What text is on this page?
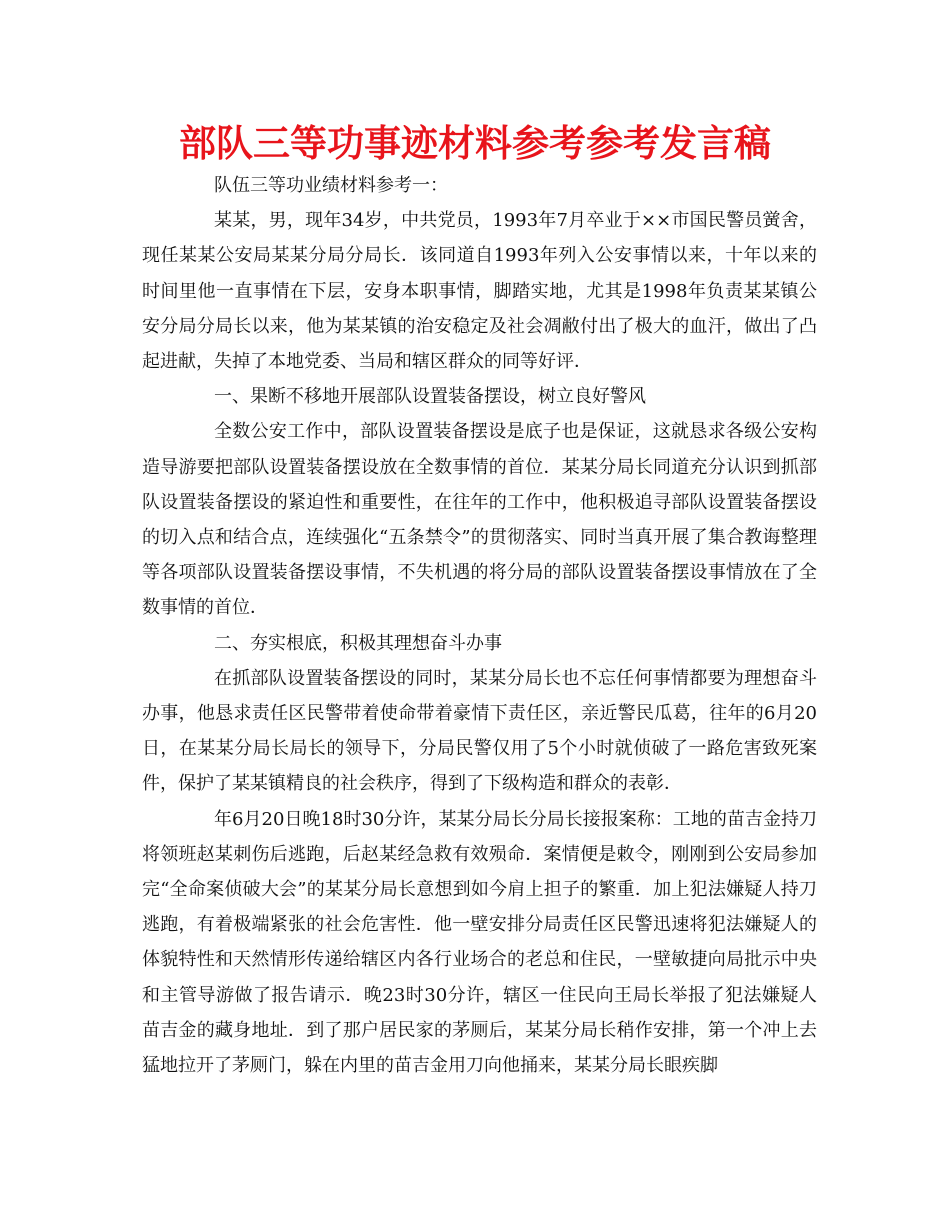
部队三等功事迹材料参考参考发言稿

队伍三等功业绩材料参考一：

某某，男，现年34岁，中共党员，1993年7月卒业于××市国民警员黉舍，现任某某公安局某某分局分局长．该同道自1993年列入公安事情以来，十年以来的时间里他一直事情在下层，安身本职事情，脚踏实地，尤其是1998年负责某某镇公安分局分局长以来，他为某某镇的治安稳定及社会凋敝付出了极大的血汗，做出了凸起进献，失掉了本地党委、当局和辖区群众的同等好评．

一、果断不移地开展部队设置装备摆设，树立良好警风

全数公安工作中，部队设置装备摆设是底子也是保证，这就恳求各级公安构造导游要把部队设置装备摆设放在全数事情的首位．某某分局长同道充分认识到抓部队设置装备摆设的紧迫性和重要性，在往年的工作中，他积极追寻部队设置装备摆设的切入点和结合点，连续强化“五条禁令”的贯彻落实、同时当真开展了集合教诲整理等各项部队设置装备摆设事情，不失机遇的将分局的部队设置装备摆设事情放在了全数事情的首位．

二、夯实根底，积极其理想奋斗办事

在抓部队设置装备摆设的同时，某某分局长也不忘任何事情都要为理想奋斗办事，他恳求责任区民警带着使命带着豪情下责任区，亲近警民瓜葛，往年的6月20日，在某某分局长局长的领导下，分局民警仅用了5个小时就侦破了一路危害致死案件，保护了某某镇精良的社会秩序，得到了下级构造和群众的表彰．

年6月20日晚18时30分许，某某分局长分局长接报案称：工地的苗吉金持刀将领班赵某刺伤后逃跑，后赵某经急救有效殒命．案情便是敕令，刚刚到公安局参加完“全命案侦破大会”的某某分局长意想到如今肩上担子的繁重．加上犯法嫌疑人持刀逃跑，有着极端紧张的社会危害性．他一壁安排分局责任区民警迅速将犯法嫌疑人的体貌特性和天然情形传递给辖区内各行业场合的老总和住民，一壁敏捷向局批示中央和主管导游做了报告请示．晚23时30分许，辖区一住民向王局长举报了犯法嫌疑人苗吉金的藏身地址．到了那户居民家的茅厕后，某某分局长稍作安排，第一个冲上去猛地拉开了茅厕门，躲在内里的苗吉金用刀向他捅来，某某分局长眼疾脚
